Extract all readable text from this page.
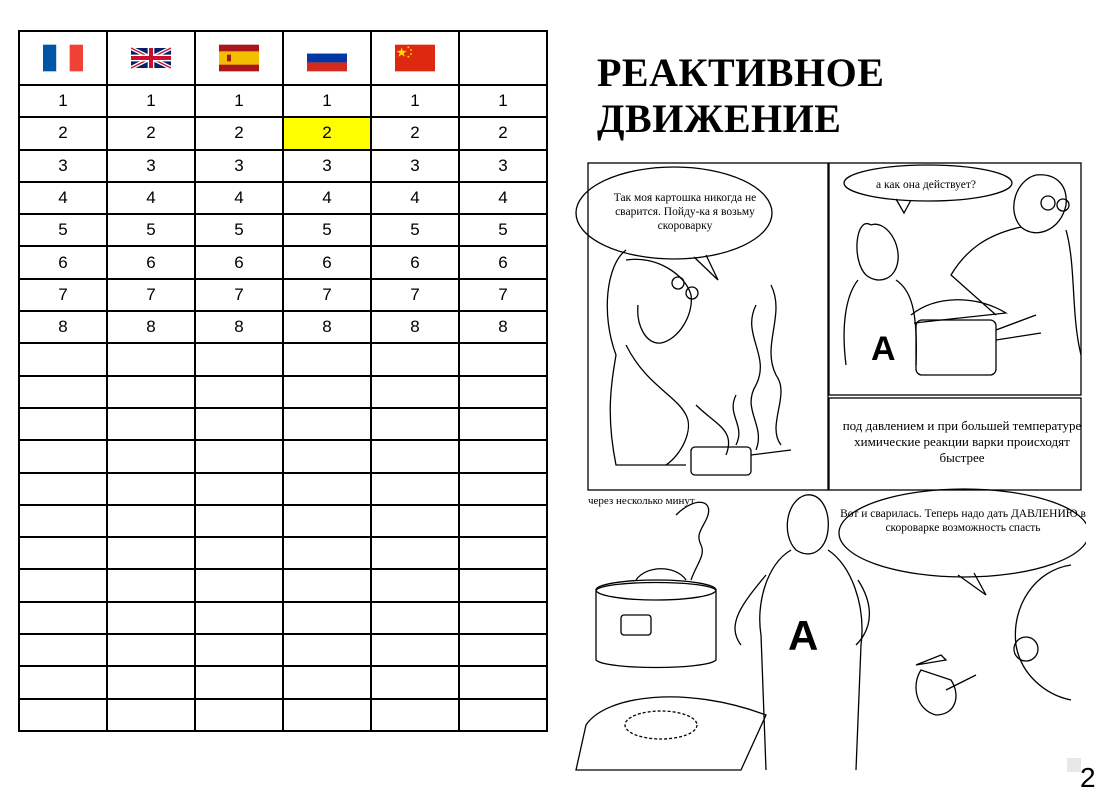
1	1	1	1	1	1
2	2	2	2	2	2
3	3	3	3	3	3
4	4	4	4	4	4
5	5	5	5	5	5
6	6	6	6	6	6
7	7	7	7	7	7
8	8	8	8	8	8

РЕАКТИВНОЕ
ДВИЖЕНИЕ
A
A
Так моя картошка никогда не сварится. Пойду-ка я возьму скороварку
а как она действует?
под давлением и при большей температуре химические реакции варки происходят быстрее
через несколько минут
Вот и сварилась. Теперь надо дать ДАВЛЕНИЮ в скороварке возможность спасть
2
